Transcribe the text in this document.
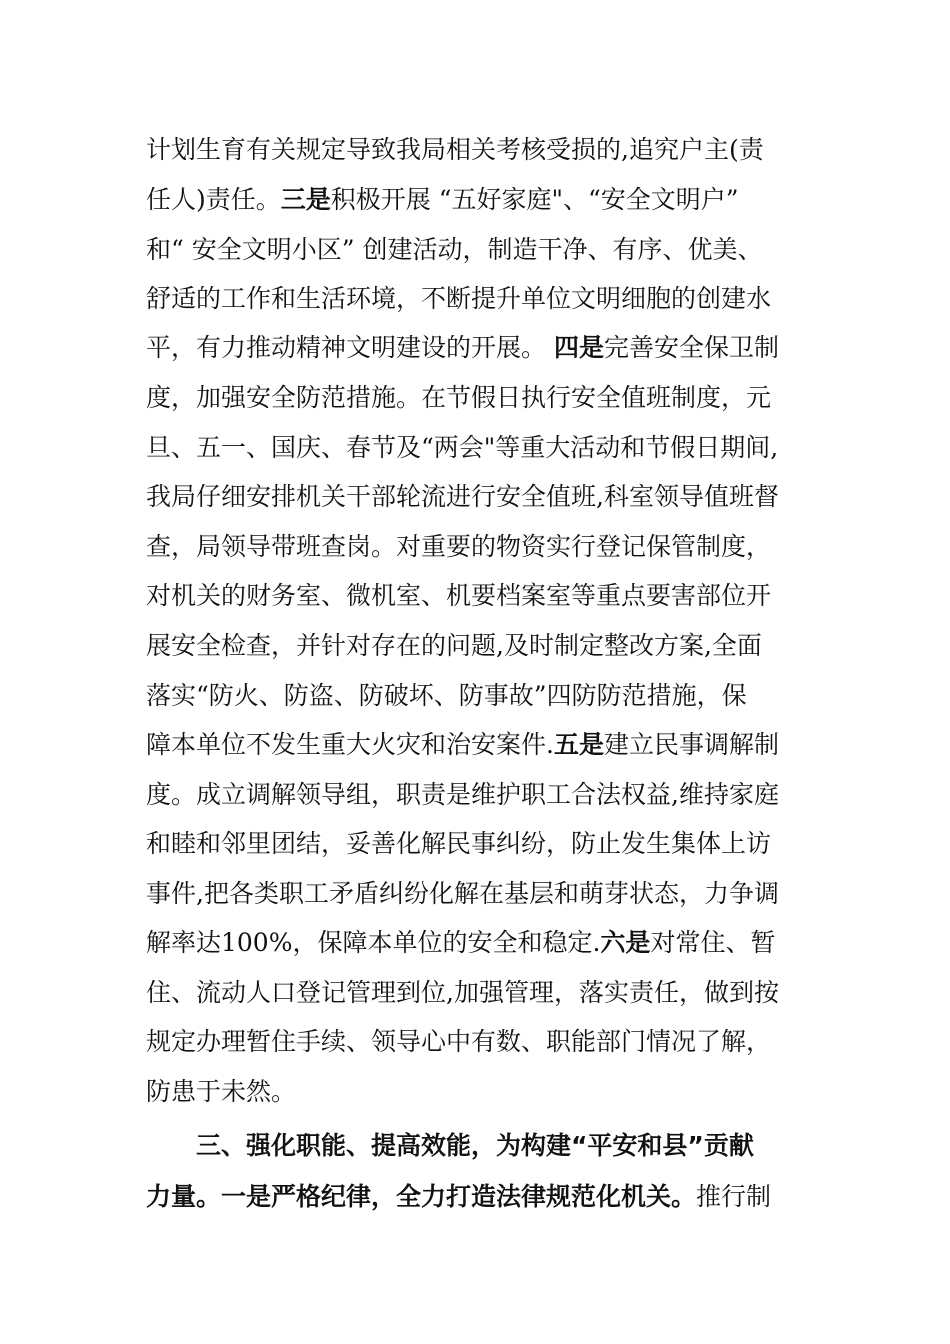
计划生育有关规定导致我局相关考核受损的,追究户主(责
任人)责任。三是积极开展 “五好家庭"、“安全文明户”
和“ 安全文明小区” 创建活动，制造干净、有序、优美、
舒适的工作和生活环境，不断提升单位文明细胞的创建水
平，有力推动精神文明建设的开展。 四是完善安全保卫制
度，加强安全防范措施。在节假日执行安全值班制度，元
旦、五一、国庆、春节及“两会"等重大活动和节假日期间,
我局仔细安排机关干部轮流进行安全值班,科室领导值班督
查，局领导带班查岗。对重要的物资实行登记保管制度，
对机关的财务室、微机室、机要档案室等重点要害部位开
展安全检查，并针对存在的问题,及时制定整改方案,全面
落实“防火、防盗、防破坏、防事故”四防防范措施，保
障本单位不发生重大火灾和治安案件.五是建立民事调解制
度。成立调解领导组，职责是维护职工合法权益,维持家庭
和睦和邻里团结，妥善化解民事纠纷，防止发生集体上访
事件,把各类职工矛盾纠纷化解在基层和萌芽状态，力争调
解率达100%，保障本单位的安全和稳定.六是对常住、暂
住、流动人口登记管理到位,加强管理，落实责任，做到按
规定办理暂住手续、领导心中有数、职能部门情况了解，
防患于未然。
三、强化职能、提高效能，为构建“平安和县”贡献
力量。一是严格纪律，全力打造法律规范化机关。推行制
